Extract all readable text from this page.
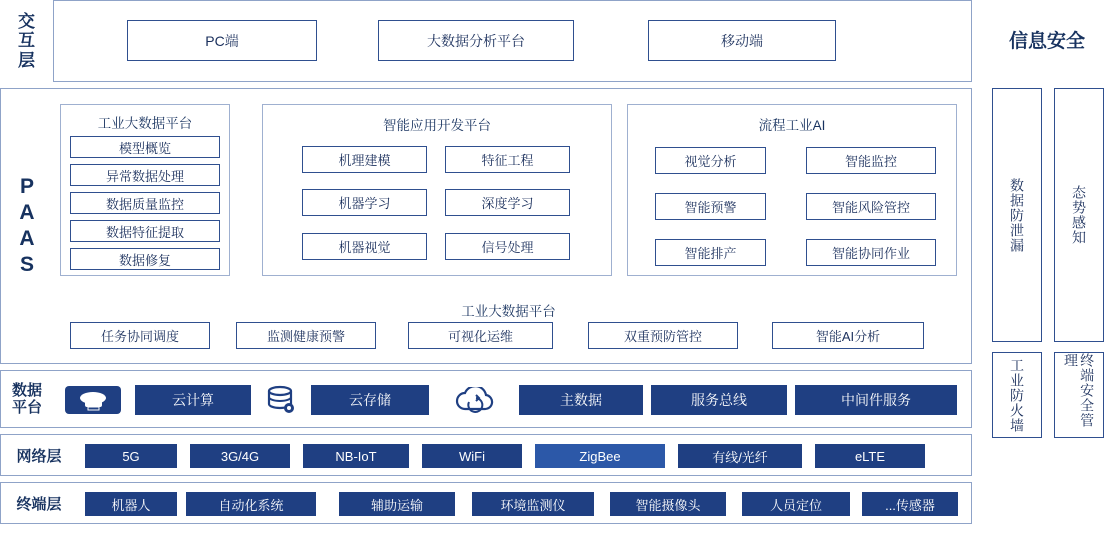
交
互
层
PC端	大数据分析平台	移动端
P
A
A
S
工业大数据平台
模型概览
异常数据处理
数据质量监控
数据特征提取
数据修复
智能应用开发平台
机理建模	特征工程
机器学习	深度学习
机器视觉	信号处理
流程工业AI
视觉分析	智能监控
智能预警	智能风险管控
智能排产	智能协同作业
工业大数据平台
任务协同调度	监测健康预警	可视化运维	双重预防管控	智能AI分析
数据
平台	云计算	云存储	主数据	服务总线	中间件服务
网络层	5G	3G/4G	NB-IoT	WiFi	ZigBee	有线/光纤	eLTE
终端层	机器人	自动化系统	辅助运输	环境监测仪	智能摄像头	人员定位	...传感器
信息安全
数据防泄漏	态势感知
工业防火墙	终端安全管理
